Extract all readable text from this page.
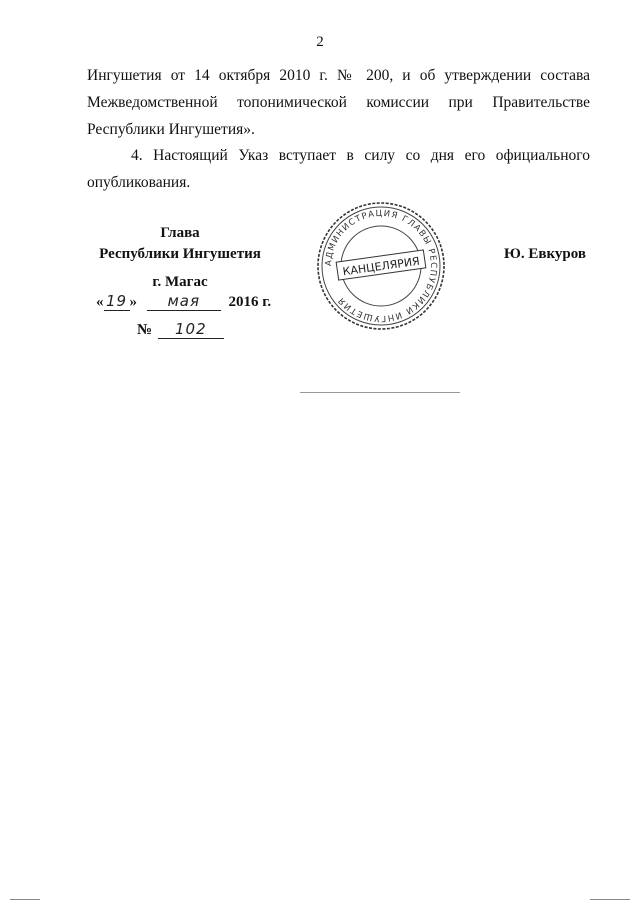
2
Ингушетия от 14 октября 2010 г. № 200, и об утверждении состава
Межведомственной топонимической комиссии при Правительстве
Республики Ингушетия».
4. Настоящий Указ вступает в силу со дня его официального
опубликования.
Глава
Республики Ингушетия	Ю. Евкуров
г. Магас
« 19 » мая 2016 г.
№ 102
АДМИНИСТРАЦИЯ ГЛАВЫ РЕСПУБЛИКИ ИНГУШЕТИЯ
КАНЦЕЛЯРИЯ
